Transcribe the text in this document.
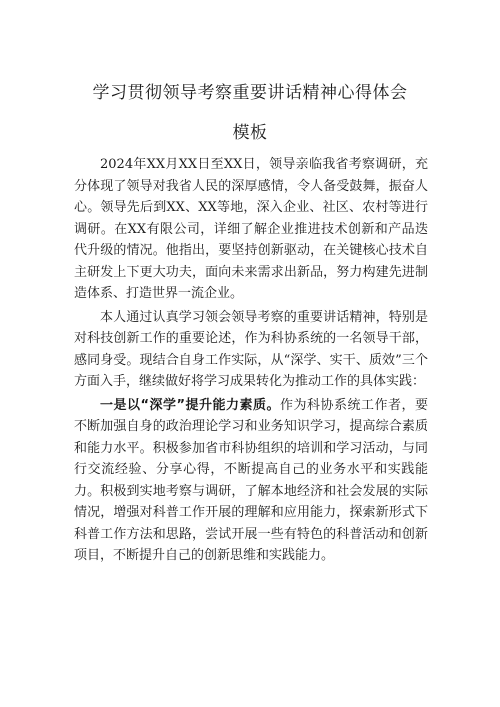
学习贯彻领导考察重要讲话精神心得体会
模板

2024年XX月XX日至XX日，领导亲临我省考察调研，充分体现了领导对我省人民的深厚感情，令人备受鼓舞，振奋人心。领导先后到XX、XX等地，深入企业、社区、农村等进行调研。在XX有限公司，详细了解企业推进技术创新和产品迭代升级的情况。他指出，要坚持创新驱动，在关键核心技术自主研发上下更大功夫，面向未来需求出新品，努力构建先进制造体系、打造世界一流企业。

本人通过认真学习领会领导考察的重要讲话精神，特别是对科技创新工作的重要论述，作为科协系统的一名领导干部，感同身受。现结合自身工作实际，从“深学、实干、质效”三个方面入手，继续做好将学习成果转化为推动工作的具体实践：

一是以“深学”提升能力素质。作为科协系统工作者，要不断加强自身的政治理论学习和业务知识学习，提高综合素质和能力水平。积极参加省市科协组织的培训和学习活动，与同行交流经验、分享心得，不断提高自己的业务水平和实践能力。积极到实地考察与调研，了解本地经济和社会发展的实际情况，增强对科普工作开展的理解和应用能力，探索新形式下科普工作方法和思路，尝试开展一些有特色的科普活动和创新项目，不断提升自己的创新思维和实践能力。
